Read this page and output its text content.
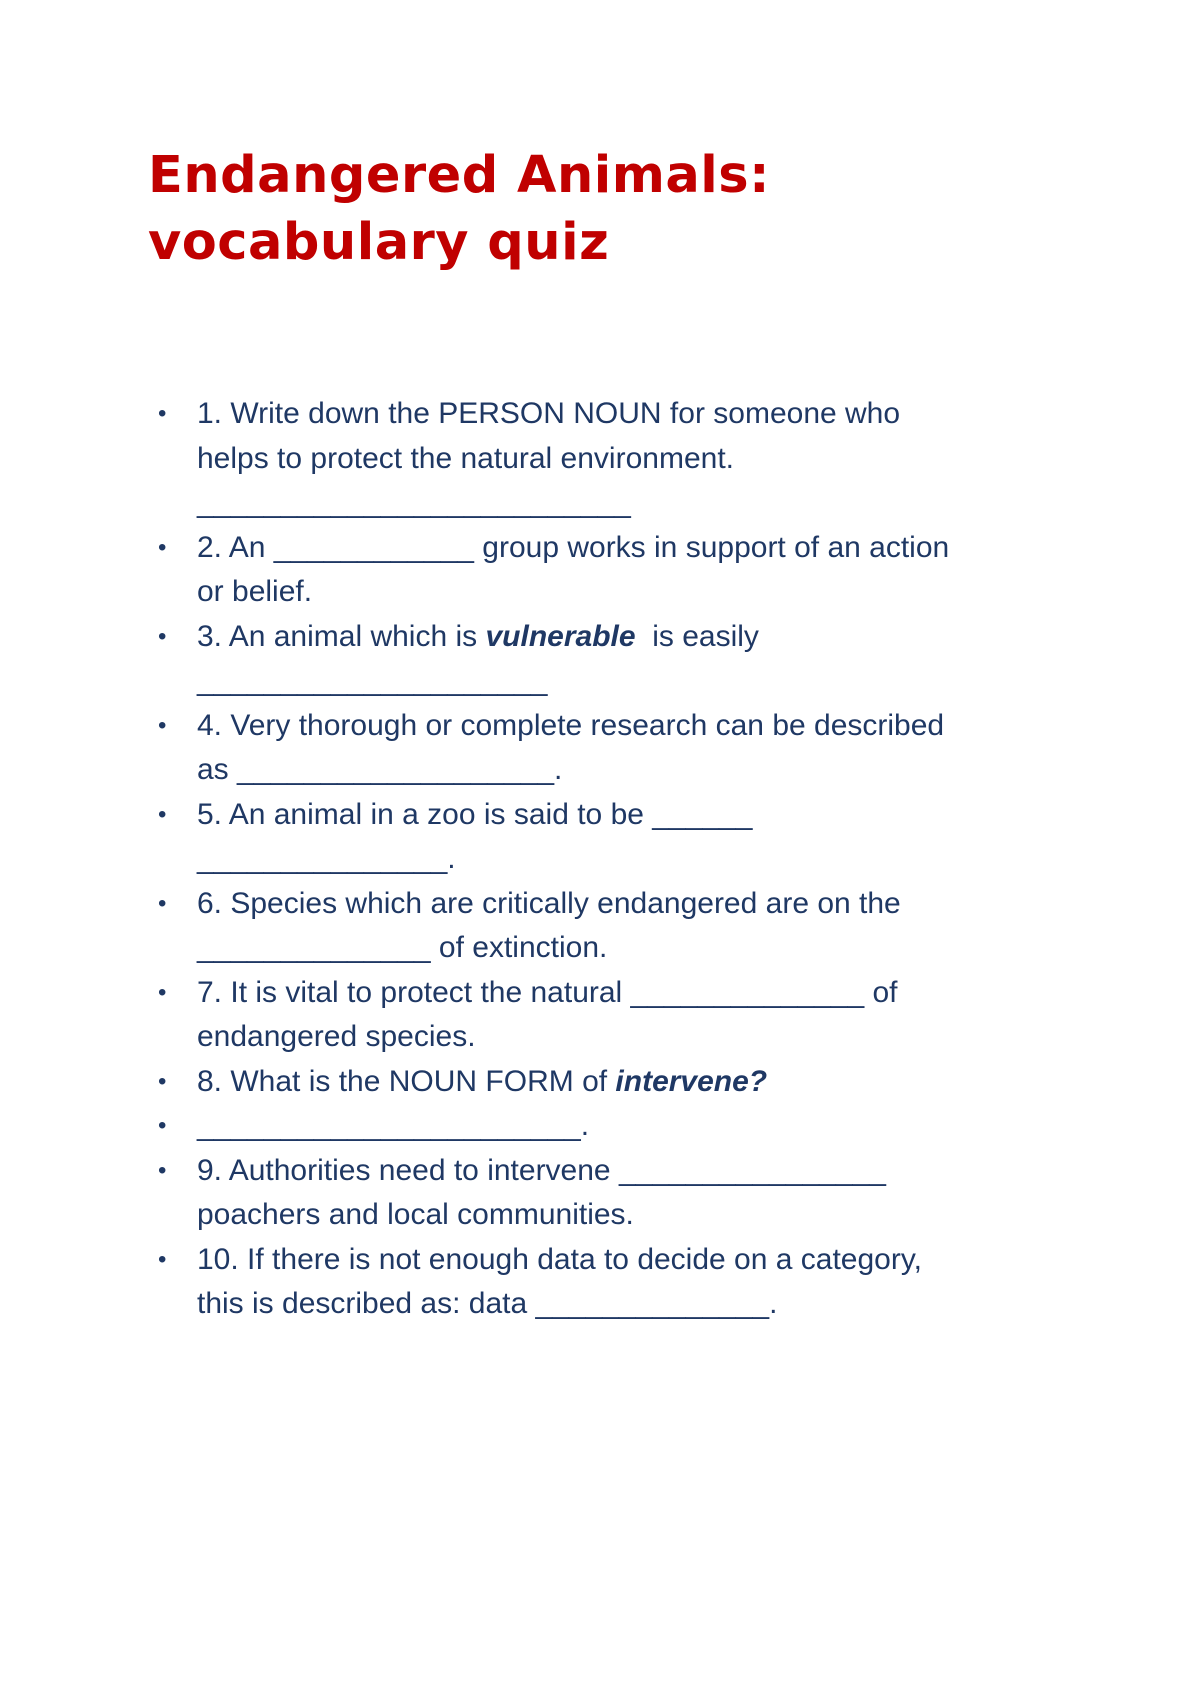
Endangered Animals:
vocabulary quiz
• 1. Write down the PERSON NOUN for someone who
helps to protect the natural environment.
__________________________
• 2. An ____________ group works in support of an action
or belief.
• 3. An animal which is vulnerable  is easily
_____________________
• 4. Very thorough or complete research can be described
as ___________________.
• 5. An animal in a zoo is said to be ______
_______________.
• 6. Species which are critically endangered are on the
______________ of extinction.
• 7. It is vital to protect the natural ______________ of
endangered species.
• 8. What is the NOUN FORM of intervene?
• _______________________.
• 9. Authorities need to intervene ________________
poachers and local communities.
• 10. If there is not enough data to decide on a category,
this is described as: data ______________.
